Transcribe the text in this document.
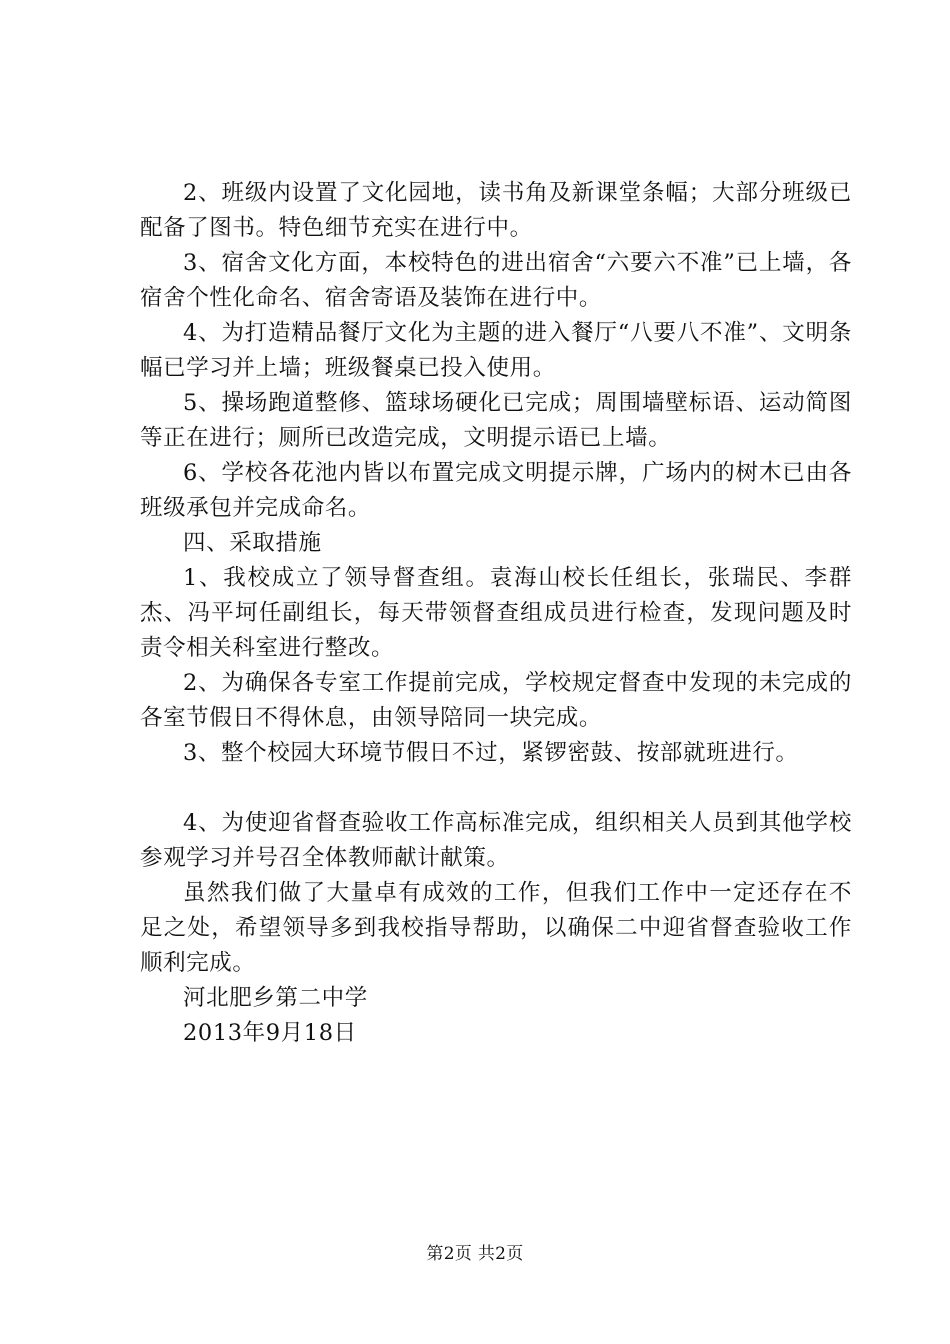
2、班级内设置了文化园地，读书角及新课堂条幅；大部分班级已配备了图书。特色细节充实在进行中。

3、宿舍文化方面，本校特色的进出宿舍“六要六不准”已上墙，各宿舍个性化命名、宿舍寄语及装饰在进行中。

4、为打造精品餐厅文化为主题的进入餐厅“八要八不准”、文明条幅已学习并上墙；班级餐桌已投入使用。

5、操场跑道整修、篮球场硬化已完成；周围墙壁标语、运动简图等正在进行；厕所已改造完成，文明提示语已上墙。

6、学校各花池内皆以布置完成文明提示牌，广场内的树木已由各班级承包并完成命名。

四、采取措施

1、我校成立了领导督查组。袁海山校长任组长，张瑞民、李群杰、冯平坷任副组长，每天带领督查组成员进行检查，发现问题及时责令相关科室进行整改。

2、为确保各专室工作提前完成，学校规定督查中发现的未完成的各室节假日不得休息，由领导陪同一块完成。

3、整个校园大环境节假日不过，紧锣密鼓、按部就班进行。

4、为使迎省督查验收工作高标准完成，组织相关人员到其他学校参观学习并号召全体教师献计献策。

虽然我们做了大量卓有成效的工作，但我们工作中一定还存在不足之处，希望领导多到我校指导帮助，以确保二中迎省督查验收工作顺利完成。

河北肥乡第二中学

2013年9月18日

第2页 共2页
